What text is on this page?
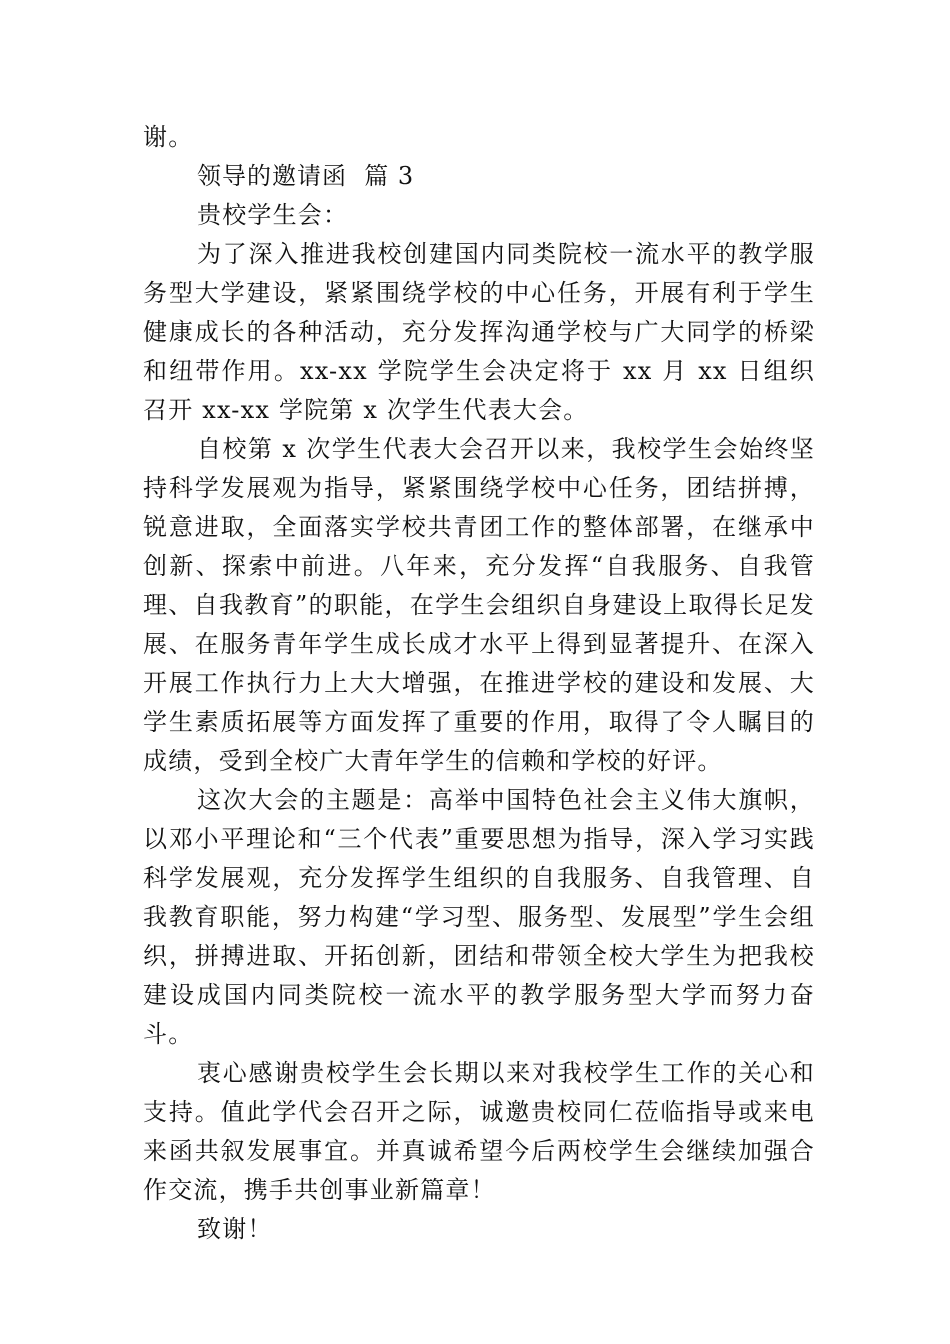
谢。

领导的邀请函  篇 3

贵校学生会：

为了深入推进我校创建国内同类院校一流水平的教学服务型大学建设，紧紧围绕学校的中心任务，开展有利于学生健康成长的各种活动，充分发挥沟通学校与广大同学的桥梁和纽带作用。xx-xx 学院学生会决定将于 xx 月 xx 日组织召开 xx-xx 学院第 x 次学生代表大会。

自校第 x 次学生代表大会召开以来，我校学生会始终坚持科学发展观为指导，紧紧围绕学校中心任务，团结拼搏，锐意进取，全面落实学校共青团工作的整体部署，在继承中创新、探索中前进。八年来，充分发挥“自我服务、自我管理、自我教育”的职能，在学生会组织自身建设上取得长足发展、在服务青年学生成长成才水平上得到显著提升、在深入开展工作执行力上大大增强，在推进学校的建设和发展、大学生素质拓展等方面发挥了重要的作用，取得了令人瞩目的成绩，受到全校广大青年学生的信赖和学校的好评。

这次大会的主题是：高举中国特色社会主义伟大旗帜，以邓小平理论和“三个代表”重要思想为指导，深入学习实践科学发展观，充分发挥学生组织的自我服务、自我管理、自我教育职能，努力构建“学习型、服务型、发展型”学生会组织，拼搏进取、开拓创新，团结和带领全校大学生为把我校建设成国内同类院校一流水平的教学服务型大学而努力奋斗。

衷心感谢贵校学生会长期以来对我校学生工作的关心和支持。值此学代会召开之际，诚邀贵校同仁莅临指导或来电来函共叙发展事宜。并真诚希望今后两校学生会继续加强合作交流，携手共创事业新篇章！

致谢！
